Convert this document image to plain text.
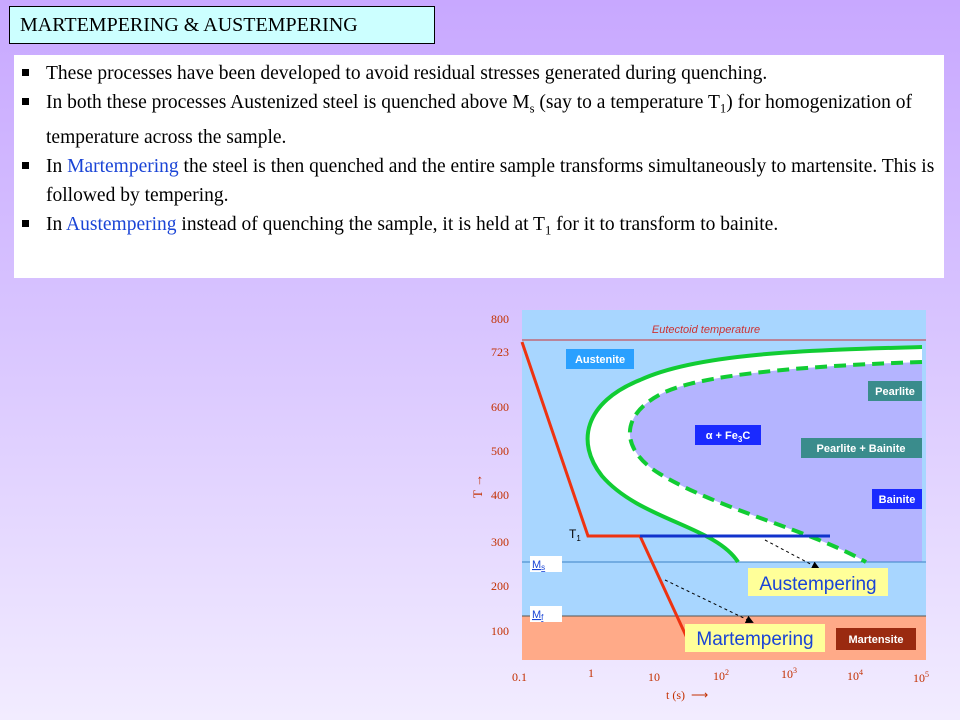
MARTEMPERING & AUSTEMPERING
These processes have been developed to avoid residual stresses generated during quenching.
In both these processes Austenized steel is quenched above $M_s$ (say to a temperature $T_1$) for homogenization of temperature across the sample.
In Martempering the steel is then quenched and the entire sample transforms simultaneously to martensite. This is followed by tempering.
In Austempering instead of quenching the sample, it is held at $T_1$ for it to transform to bainite.
800
723
600
500
400
300
200
100
T →
0.1	1	10	$10^2$	$10^3$	$10^4$	$10^5$
t (s) ⟶
Austenite
Eutectoid temperature
$\alpha + Fe_3C$
Pearlite
Pearlite + Bainite
Bainite
Martensite
$T_1$
Ms
Mf
Austempering
Martempering
